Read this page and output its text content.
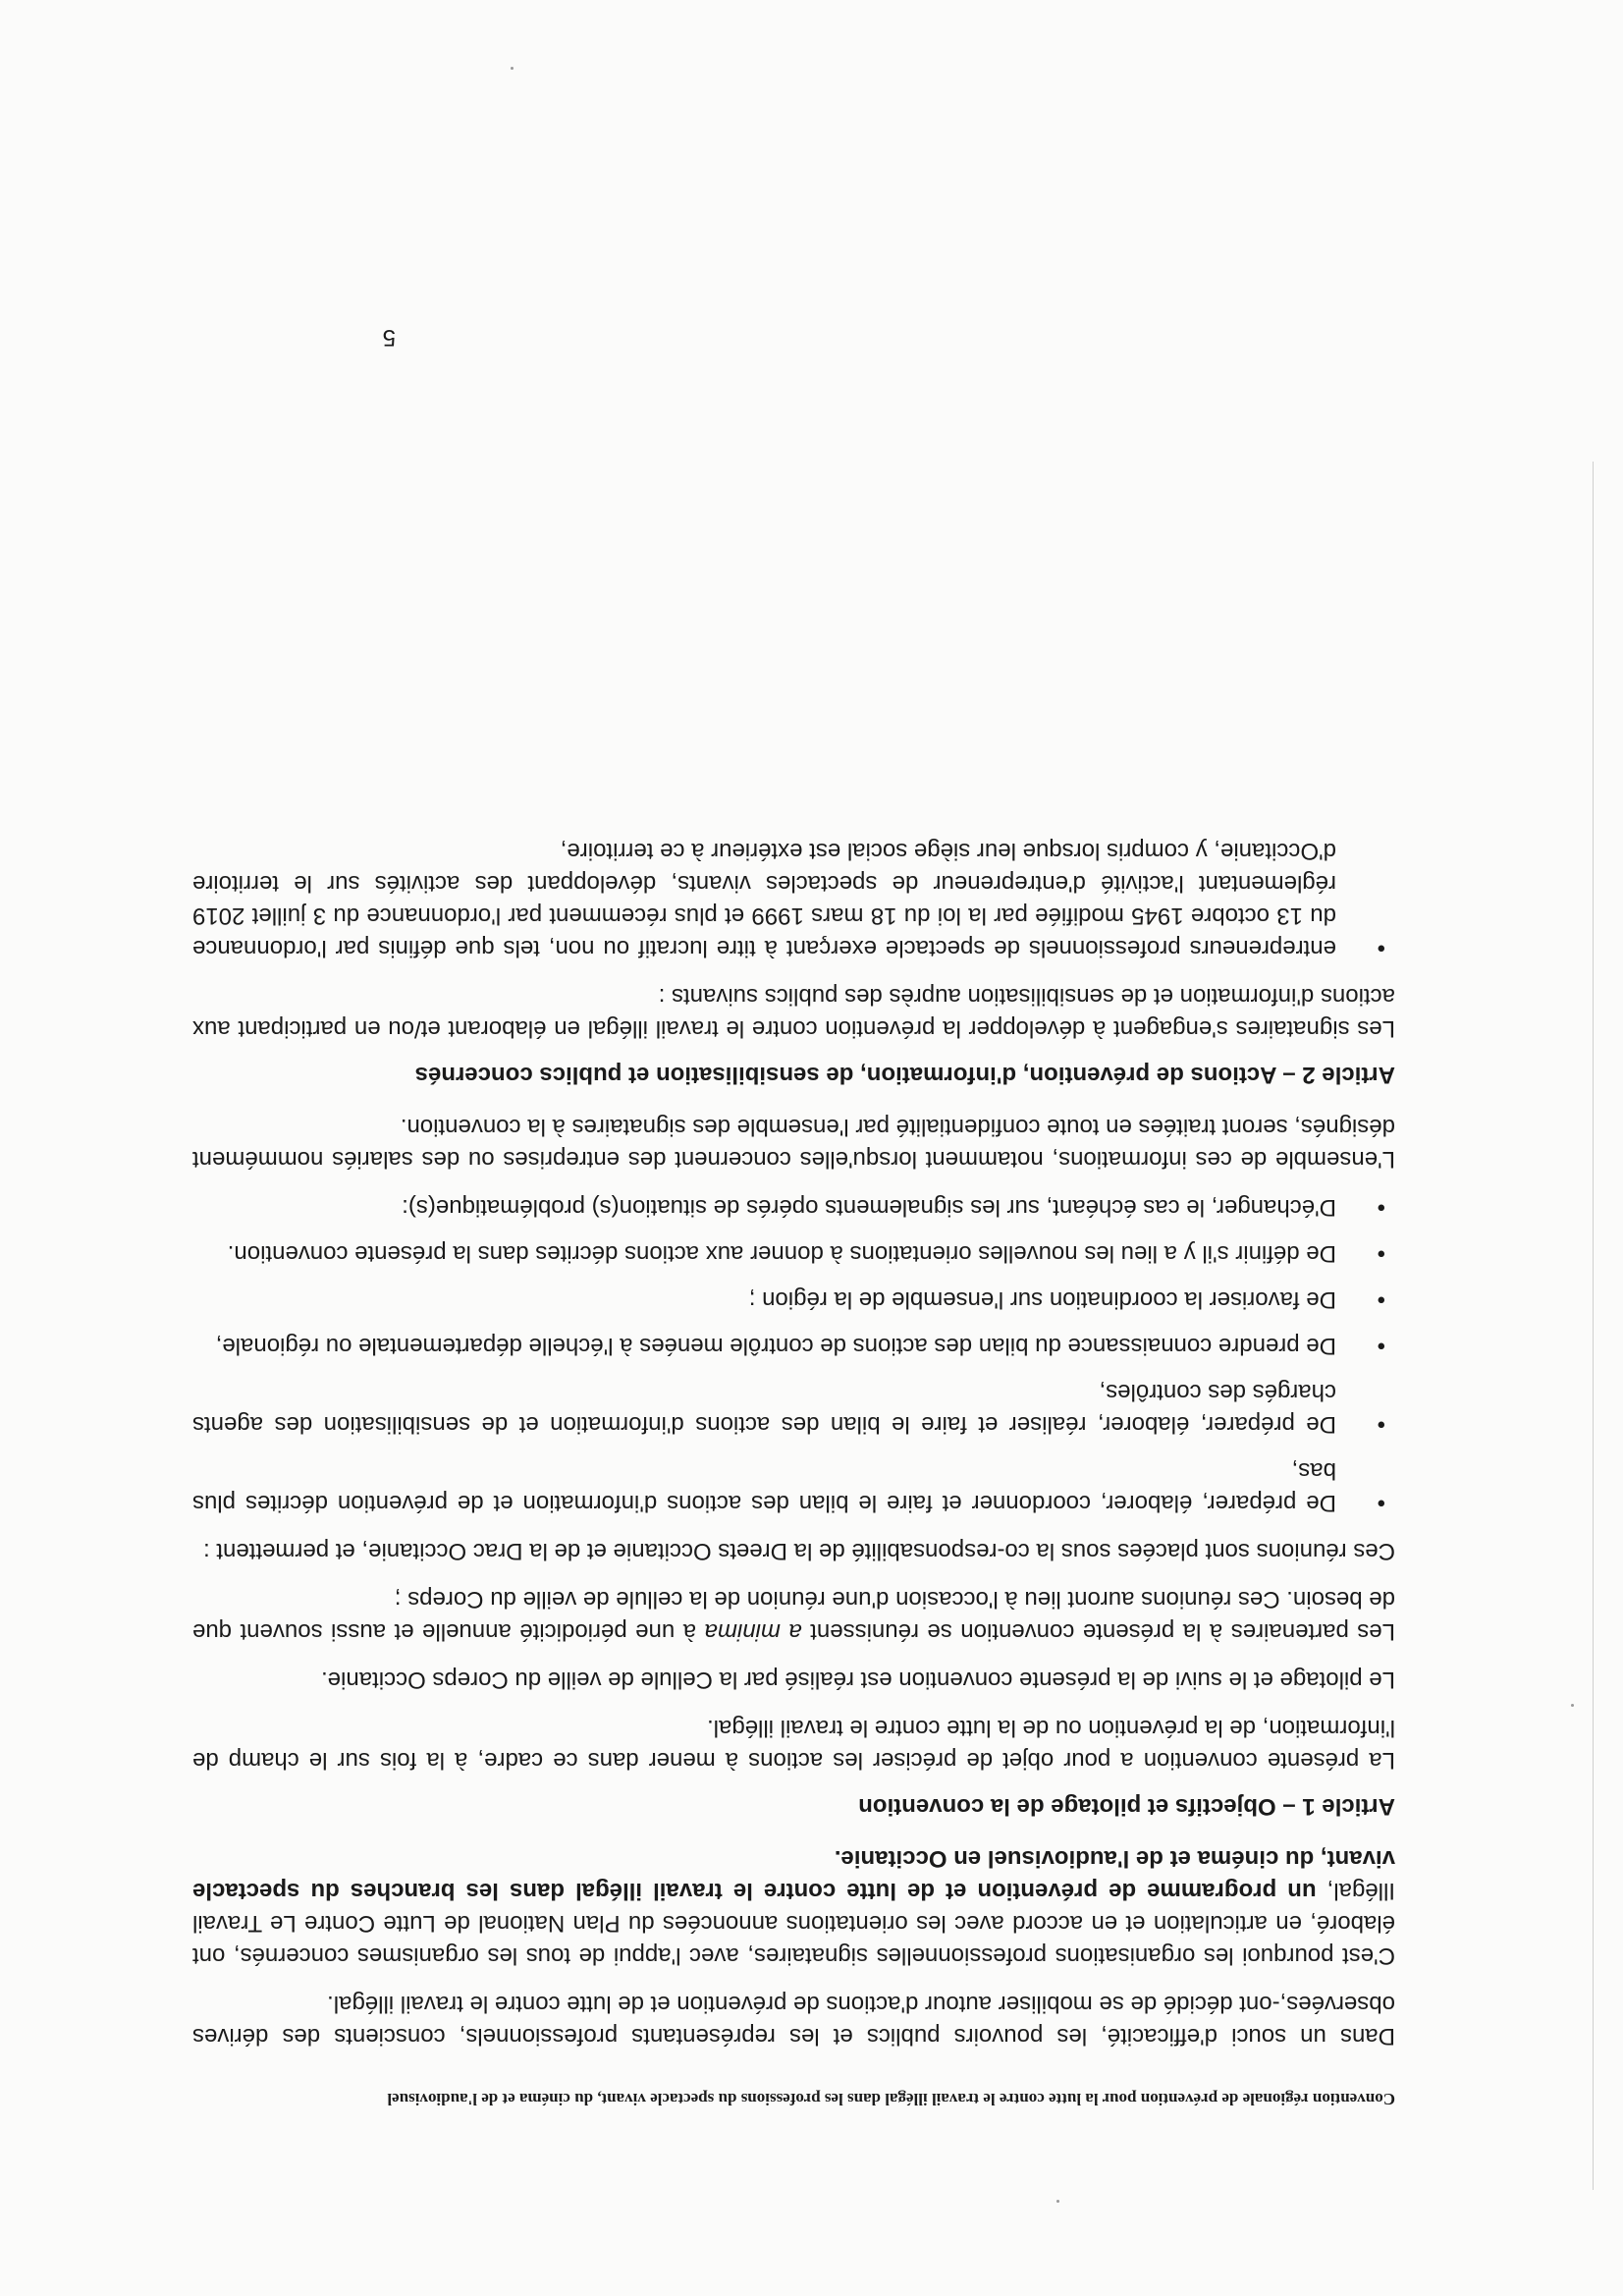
Convention régionale de prévention pour la lutte contre le travail illégal dans les professions du spectacle vivant, du cinéma et de l'audiovisuel

Dans un souci d'efficacité, les pouvoirs publics et les représentants professionnels, conscients des dérives observées,-ont décidé de se mobiliser autour d'actions de prévention et de lutte contre le travail illégal.

C'est pourquoi les organisations professionnelles signataires, avec l'appui de tous les organismes concernés, ont élaboré, en articulation et en accord avec les orientations annoncées du Plan National de Lutte Contre Le Travail Illégal, un programme de prévention et de lutte contre le travail illégal dans les branches du spectacle vivant, du cinéma et de l'audiovisuel en Occitanie.

Article 1 – Objectifs et pilotage de la convention

La présente convention a pour objet de préciser les actions à mener dans ce cadre, à la fois sur le champ de l'information, de la prévention ou de la lutte contre le travail illégal.

Le pilotage et le suivi de la présente convention est réalisé par la Cellule de veille du Corеps Occitanie.

Les partenaires à la présente convention se réunissent a minima à une périodicité annuelle et aussi souvent que de besoin. Ces réunions auront lieu à l'occasion d'une réunion de la cellule de veille du Coreps ;

Ces réunions sont placées sous la co-responsabilité de la Dreets Occitanie et de la Drac Occitanie, et permettent :

• De préparer, élaborer, coordonner et faire le bilan des actions d'information et de prévention décrites plus bas,
• De préparer, élaborer, réaliser et faire le bilan des actions d'information et de sensibilisation des agents chargés des contrôles,
• De prendre connaissance du bilan des actions de contrôle menées à l'échelle départementale ou régionale,
• De favoriser la coordination sur l'ensemble de la région ;
• De définir s'il y a lieu les nouvelles orientations à donner aux actions décrites dans la présente convention.
• D'échanger, le cas échéant, sur les signalements opérés de situation(s) problématique(s):

L'ensemble de ces informations, notamment lorsqu'elles concernent des entreprises ou des salariés nommément désignés, seront traitées en toute confidentialité par l'ensemble des signataires à la convention.

Article 2 – Actions de prévention, d'information, de sensibilisation et publics concernés

Les signataires s'engagent à développer la prévention contre le travail illégal en élaborant et/ou en participant aux actions d'information et de sensibilisation auprès des publics suivants :

• entrepreneurs professionnels de spectacle exerçant à titre lucratif ou non, tels que définis par l'ordonnance du 13 octobre 1945 modifiée par la loi du 18 mars 1999 et plus récemment par l'ordonnance du 3 juillet 2019 réglementant l'activité d'entrepreneur de spectacles vivants, développant des activités sur le territoire d'Occitanie, y compris lorsque leur siège social est extérieur à ce territoire,
5
